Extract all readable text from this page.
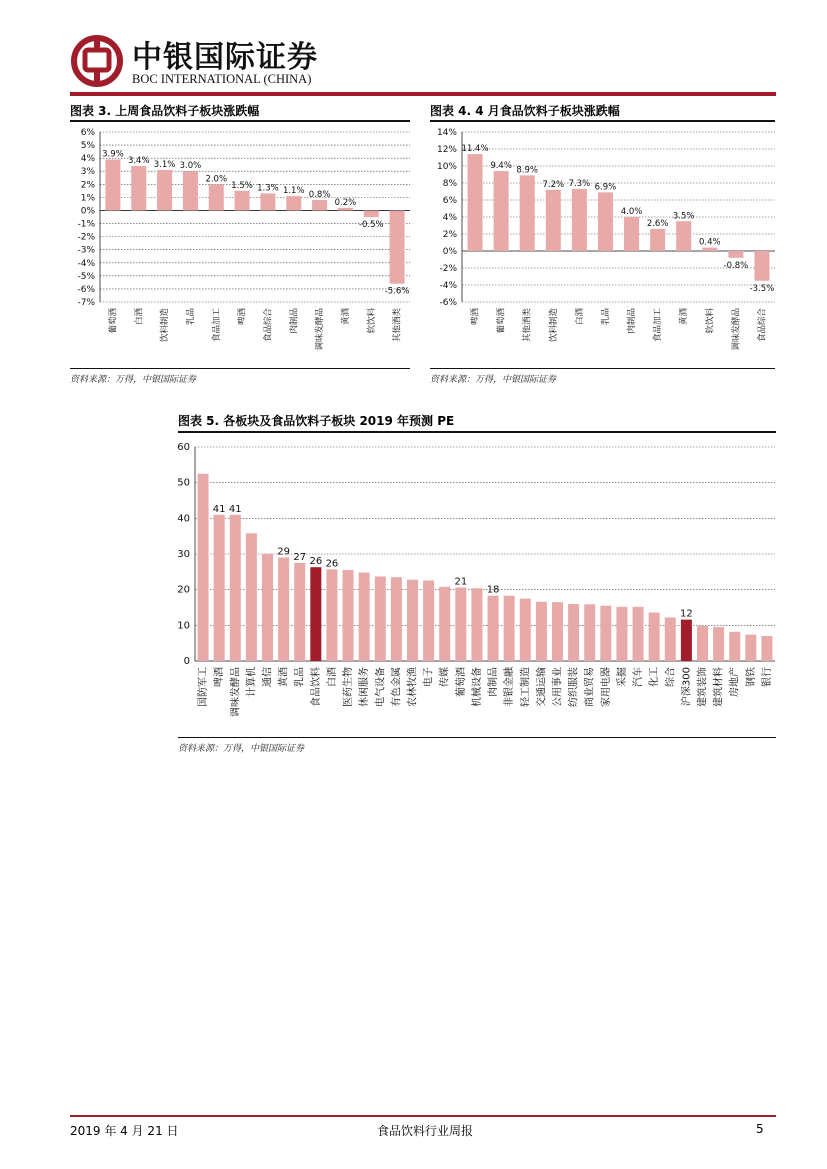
中银国际证券
BOC INTERNATIONAL (CHINA)
图表 3. 上周食品饮料子板块涨跌幅
6%
5%
4%
3%
2%
1%
0%
-1%
-2%
-3%
-4%
-5%
-6%
-7%
3.9%
葡萄酒
3.4%
白酒
3.1%
饮料制造
3.0%
乳品
2.0%
食品加工
1.5%
啤酒
1.3%
食品综合
1.1%
肉制品
0.8%
调味发酵品
0.2%
黄酒
-0.5%
软饮料
-5.6%
其他酒类
资料来源：万得，中银国际证券
图表 4. 4 月食品饮料子板块涨跌幅
14%
12%
10%
8%
6%
4%
2%
0%
-2%
-4%
-6%
11.4%
啤酒
9.4%
葡萄酒
8.9%
其他酒类
7.2%
饮料制造
7.3%
白酒
6.9%
乳品
4.0%
肉制品
2.6%
食品加工
3.5%
黄酒
0.4%
软饮料
-0.8%
调味发酵品
-3.5%
食品综合
资料来源：万得，中银国际证券
图表 5. 各板块及食品饮料子板块 2019 年预测 PE
60
50
40
30
20
10
0
国防军工
41
啤酒
41
调味发酵品 计算机 通信
29
黄酒
27
乳品
26
食品饮料
26
白酒 医药生物 休闲服务 电气设备 有色金属 农林牧渔 电子 传媒
21
葡萄酒 机械设备
18
肉制品 非银金融 轻工制造 交通运输 公用事业 纺织服装 商业贸易 家用电器 采掘 汽车 化工 综合
12
沪深300 建筑装饰 建筑材料 房地产 钢铁 银行
资料来源：万得，中银国际证券
2019 年 4 月 21 日	食品饮料行业周报	5
